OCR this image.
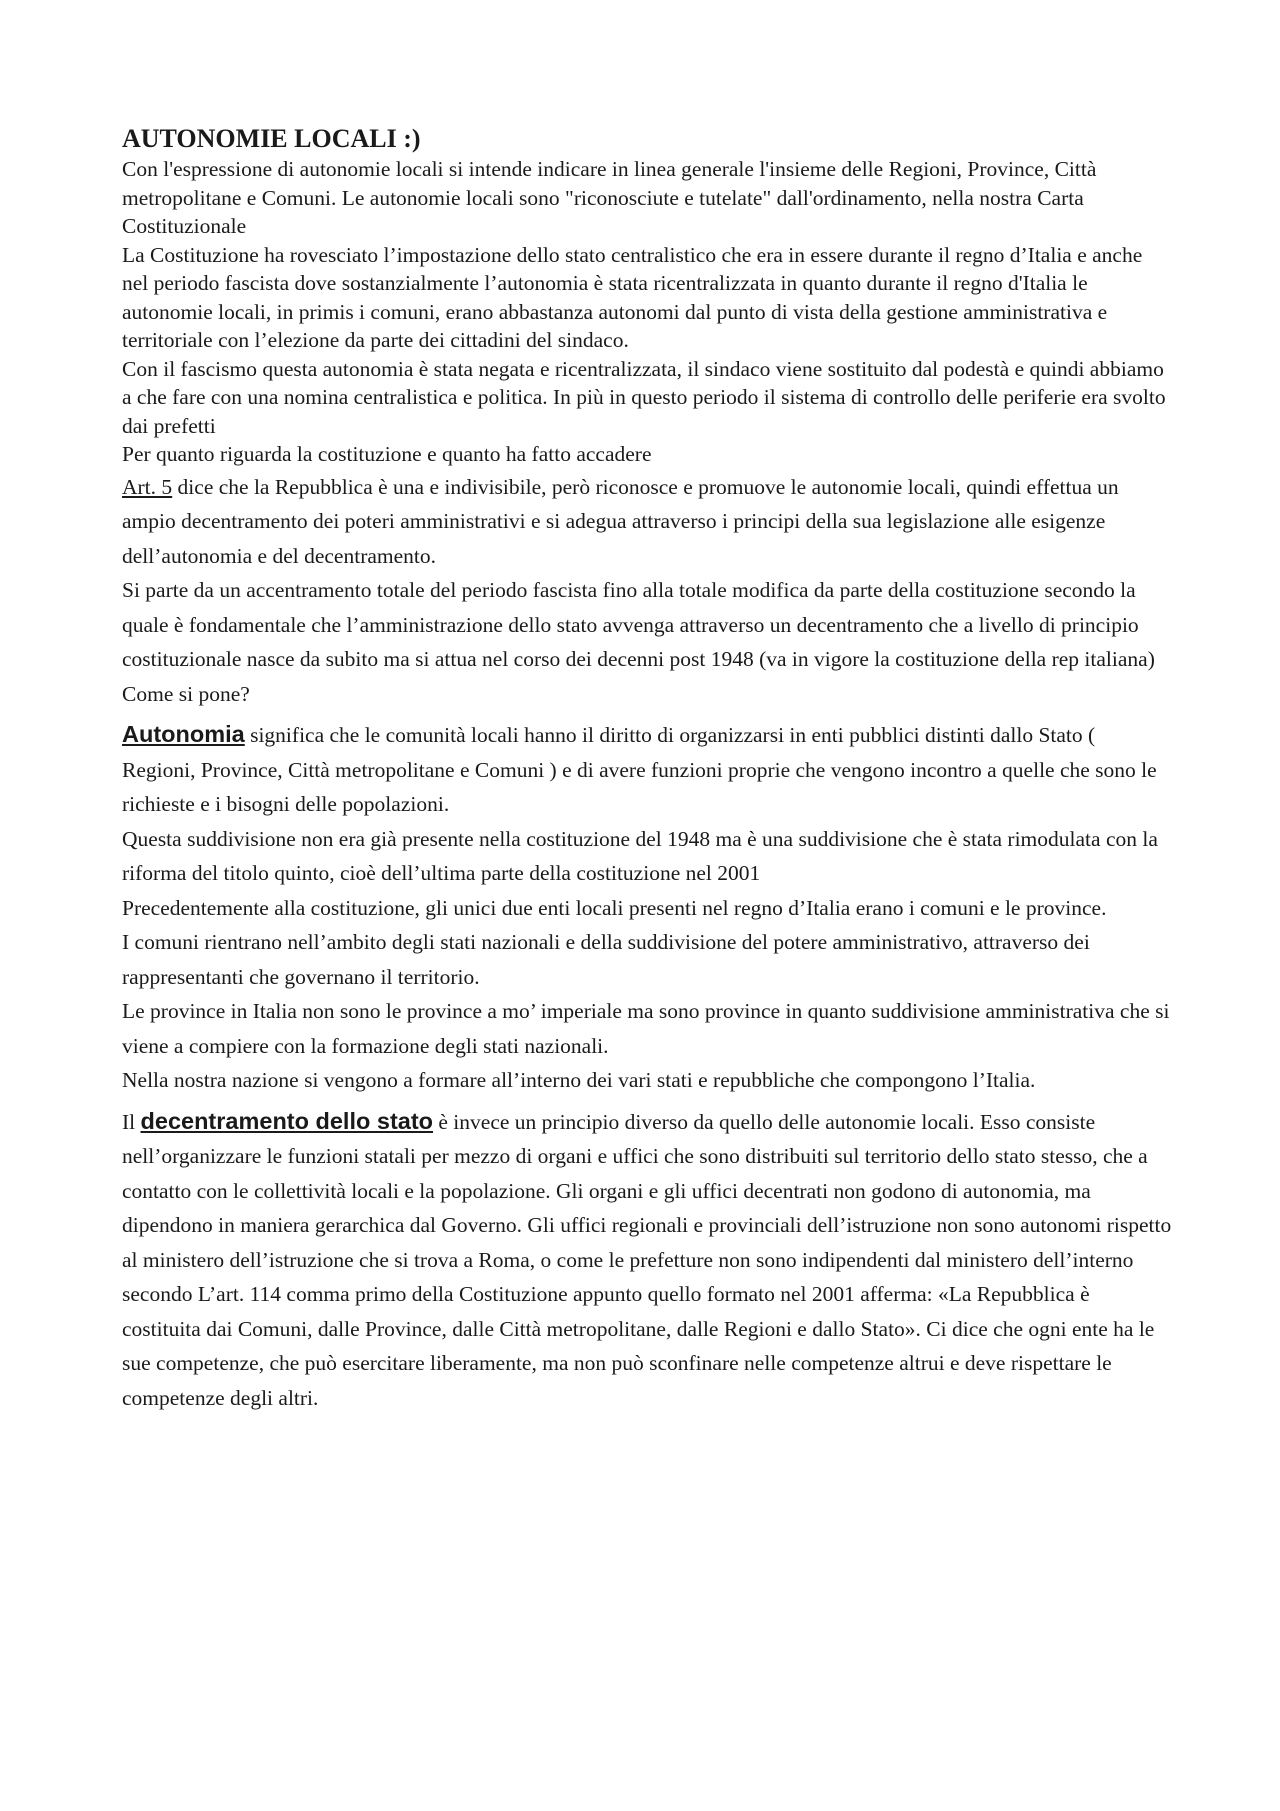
AUTONOMIE LOCALI :)

Con l'espressione di autonomie locali si intende indicare in linea generale l'insieme delle Regioni, Province, Città metropolitane e Comuni. Le autonomie locali sono "riconosciute e tutelate" dall'ordinamento, nella nostra Carta Costituzionale

La Costituzione ha rovesciato l’impostazione dello stato centralistico che era in essere durante il regno d’Italia e anche nel periodo fascista dove sostanzialmente l’autonomia è stata ricentralizzata in quanto durante il regno d'Italia le autonomie locali, in primis i comuni, erano abbastanza autonomi dal punto di vista della gestione amministrativa e territoriale con l’elezione da parte dei cittadini del sindaco.

Con il fascismo questa autonomia è stata negata e ricentralizzata, il sindaco viene sostituito dal podestà e quindi abbiamo a che fare con una nomina centralistica e politica. In più in questo periodo il sistema di controllo delle periferie era svolto dai prefetti

Per quanto riguarda la costituzione e quanto ha fatto accadere

Art. 5 dice che la Repubblica è una e indivisibile, però riconosce e promuove le autonomie locali, quindi effettua un ampio decentramento dei poteri amministrativi e si adegua attraverso i principi della sua legislazione alle esigenze dell’autonomia e del decentramento.

Si parte da un accentramento totale del periodo fascista fino alla totale modifica da parte della costituzione secondo la quale è fondamentale che l’amministrazione dello stato avvenga attraverso un decentramento che a livello di principio costituzionale nasce da subito ma si attua nel corso dei decenni post 1948 (va in vigore la costituzione della rep italiana)

Come si pone?

Autonomia significa che le comunità locali hanno il diritto di organizzarsi in enti pubblici distinti dallo Stato ( Regioni, Province, Città metropolitane e Comuni ) e di avere funzioni proprie che vengono incontro a quelle che sono le richieste e i bisogni delle popolazioni.

Questa suddivisione non era già presente nella costituzione del 1948 ma è una suddivisione che è stata rimodulata con la riforma del titolo quinto, cioè dell’ultima parte della costituzione nel 2001

Precedentemente alla costituzione, gli unici due enti locali presenti nel regno d’Italia erano i comuni e le province.

I comuni rientrano nell’ambito degli stati nazionali e della suddivisione del potere amministrativo, attraverso dei rappresentanti che governano il territorio.

Le province in Italia non sono le province a mo’ imperiale ma sono province in quanto suddivisione amministrativa che si viene a compiere con la formazione degli stati nazionali.

Nella nostra nazione si vengono a formare all’interno dei vari stati e repubbliche che compongono l’Italia.

Il decentramento dello stato è invece un principio diverso da quello delle autonomie locali. Esso consiste nell’organizzare le funzioni statali per mezzo di organi e uffici che sono distribuiti sul territorio dello stato stesso, che a contatto con le collettività locali e la popolazione. Gli organi e gli uffici decentrati non godono di autonomia, ma dipendono in maniera gerarchica dal Governo. Gli uffici regionali e provinciali dell’istruzione non sono autonomi rispetto al ministero dell’istruzione che si trova a Roma, o come le prefetture non sono indipendenti dal ministero dell’interno

secondo L’art. 114 comma primo della Costituzione appunto quello formato nel 2001 afferma: «La Repubblica è costituita dai Comuni, dalle Province, dalle Città metropolitane, dalle Regioni e dallo Stato». Ci dice che ogni ente ha le sue competenze, che può esercitare liberamente, ma non può sconfinare nelle competenze altrui e deve rispettare le competenze degli altri.
